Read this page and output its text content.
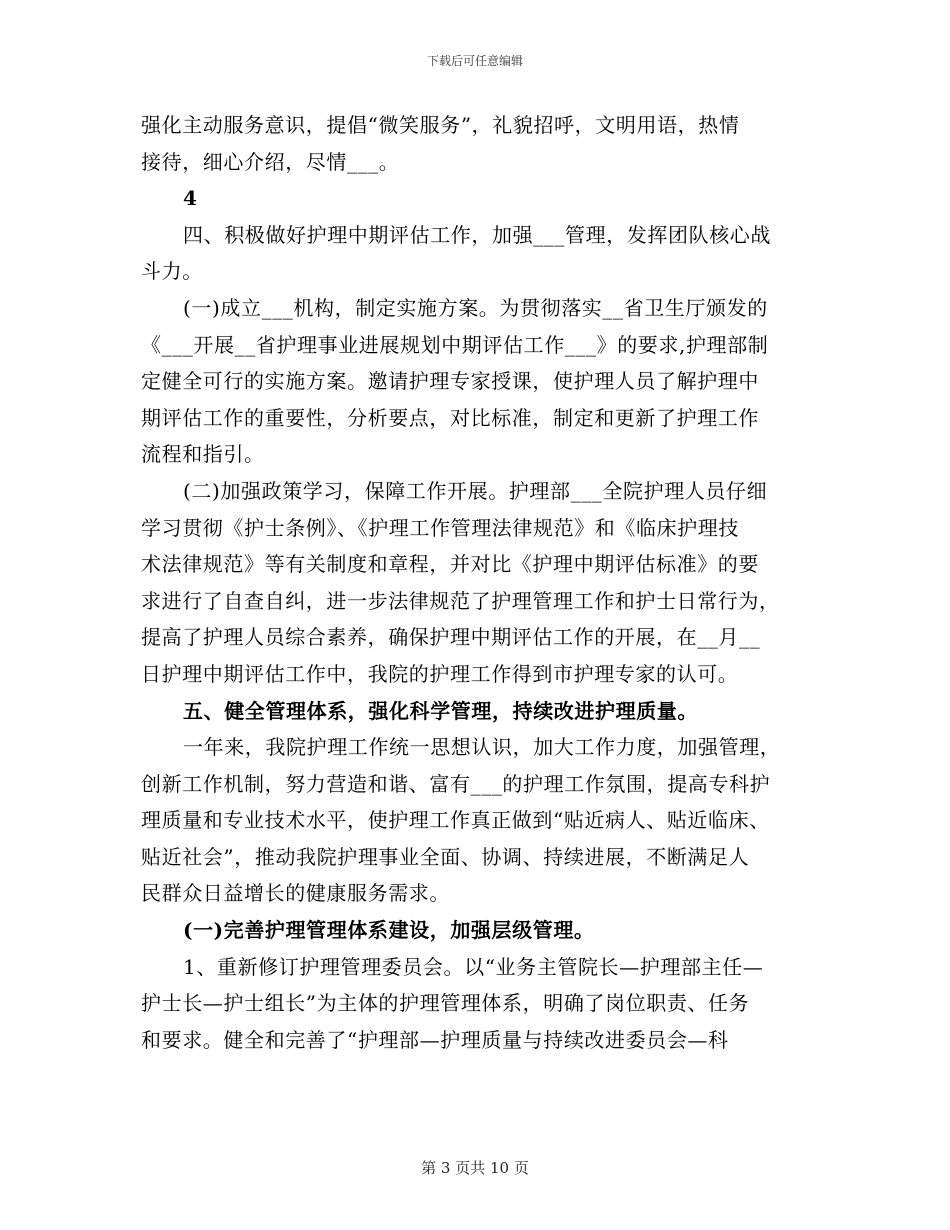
下载后可任意编辑
强化主动服务意识，提倡“微笑服务”，礼貌招呼，文明用语，热情
接待，细心介绍，尽情___。
4
四、积极做好护理中期评估工作，加强___管理，发挥团队核心战
斗力。
(一)成立___机构，制定实施方案。为贯彻落实__省卫生厅颁发的
《___开展__省护理事业进展规划中期评估工作___》的要求,护理部制
定健全可行的实施方案。邀请护理专家授课，使护理人员了解护理中
期评估工作的重要性，分析要点，对比标准，制定和更新了护理工作
流程和指引。
(二)加强政策学习，保障工作开展。护理部___全院护理人员仔细
学习贯彻《护士条例》、《护理工作管理法律规范》和《临床护理技
术法律规范》等有关制度和章程，并对比《护理中期评估标准》的要
求进行了自查自纠，进一步法律规范了护理管理工作和护士日常行为，
提高了护理人员综合素养，确保护理中期评估工作的开展，在__月__
日护理中期评估工作中，我院的护理工作得到市护理专家的认可。
五、健全管理体系，强化科学管理，持续改进护理质量。
一年来，我院护理工作统一思想认识，加大工作力度，加强管理，
创新工作机制，努力营造和谐、富有___的护理工作氛围，提高专科护
理质量和专业技术水平，使护理工作真正做到“贴近病人、贴近临床、
贴近社会”，推动我院护理事业全面、协调、持续进展，不断满足人
民群众日益增长的健康服务需求。
(一)完善护理管理体系建设，加强层级管理。
1、重新修订护理管理委员会。以“业务主管院长—护理部主任—
护士长—护士组长”为主体的护理管理体系，明确了岗位职责、任务
和要求。健全和完善了“护理部—护理质量与持续改进委员会—科
第 3 页共 10 页
